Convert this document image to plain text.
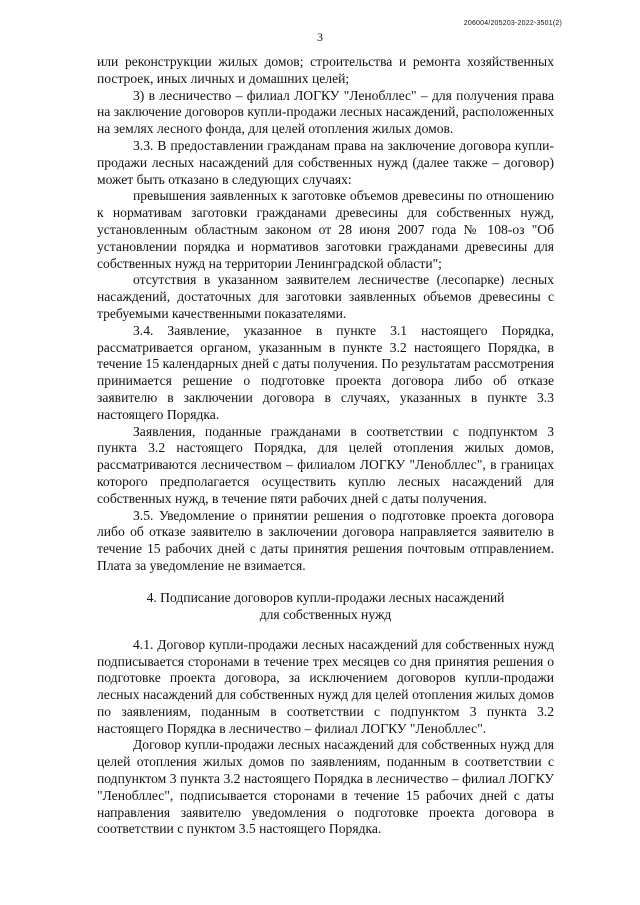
3
206004/205203-2022-3501(2)

или реконструкции жилых домов; строительства и ремонта хозяйственных построек, иных личных и домашних целей;

3) в лесничество – филиал ЛОГКУ "Ленобллес" – для получения права на заключение договоров купли-продажи лесных насаждений, расположенных на землях лесного фонда, для целей отопления жилых домов.

3.3. В предоставлении гражданам права на заключение договора купли-продажи лесных насаждений для собственных нужд (далее также – договор) может быть отказано в следующих случаях:

превышения заявленных к заготовке объемов древесины по отношению к нормативам заготовки гражданами древесины для собственных нужд, установленным областным законом от 28 июня 2007 года № 108-оз "Об установлении порядка и нормативов заготовки гражданами древесины для собственных нужд на территории Ленинградской области";

отсутствия в указанном заявителем лесничестве (лесопарке) лесных насаждений, достаточных для заготовки заявленных объемов древесины с требуемыми качественными показателями.

3.4. Заявление, указанное в пункте 3.1 настоящего Порядка, рассматривается органом, указанным в пункте 3.2 настоящего Порядка, в течение 15 календарных дней с даты получения. По результатам рассмотрения принимается решение о подготовке проекта договора либо об отказе заявителю в заключении договора в случаях, указанных в пункте 3.3 настоящего Порядка.

Заявления, поданные гражданами в соответствии с подпунктом 3 пункта 3.2 настоящего Порядка, для целей отопления жилых домов, рассматриваются лесничеством – филиалом ЛОГКУ "Ленобллес", в границах которого предполагается осуществить куплю лесных насаждений для собственных нужд, в течение пяти рабочих дней с даты получения.

3.5. Уведомление о принятии решения о подготовке проекта договора либо об отказе заявителю в заключении договора направляется заявителю в течение 15 рабочих дней с даты принятия решения почтовым отправлением. Плата за уведомление не взимается.

4. Подписание договоров купли-продажи лесных насаждений
для собственных нужд

4.1. Договор купли-продажи лесных насаждений для собственных нужд подписывается сторонами в течение трех месяцев со дня принятия решения о подготовке проекта договора, за исключением договоров купли-продажи лесных насаждений для собственных нужд для целей отопления жилых домов по заявлениям, поданным в соответствии с подпунктом 3 пункта 3.2 настоящего Порядка в лесничество – филиал ЛОГКУ "Ленобллес".

Договор купли-продажи лесных насаждений для собственных нужд для целей отопления жилых домов по заявлениям, поданным в соответствии с подпунктом 3 пункта 3.2 настоящего Порядка в лесничество – филиал ЛОГКУ "Ленобллес", подписывается сторонами в течение 15 рабочих дней с даты направления заявителю уведомления о подготовке проекта договора в соответствии с пунктом 3.5 настоящего Порядка.
